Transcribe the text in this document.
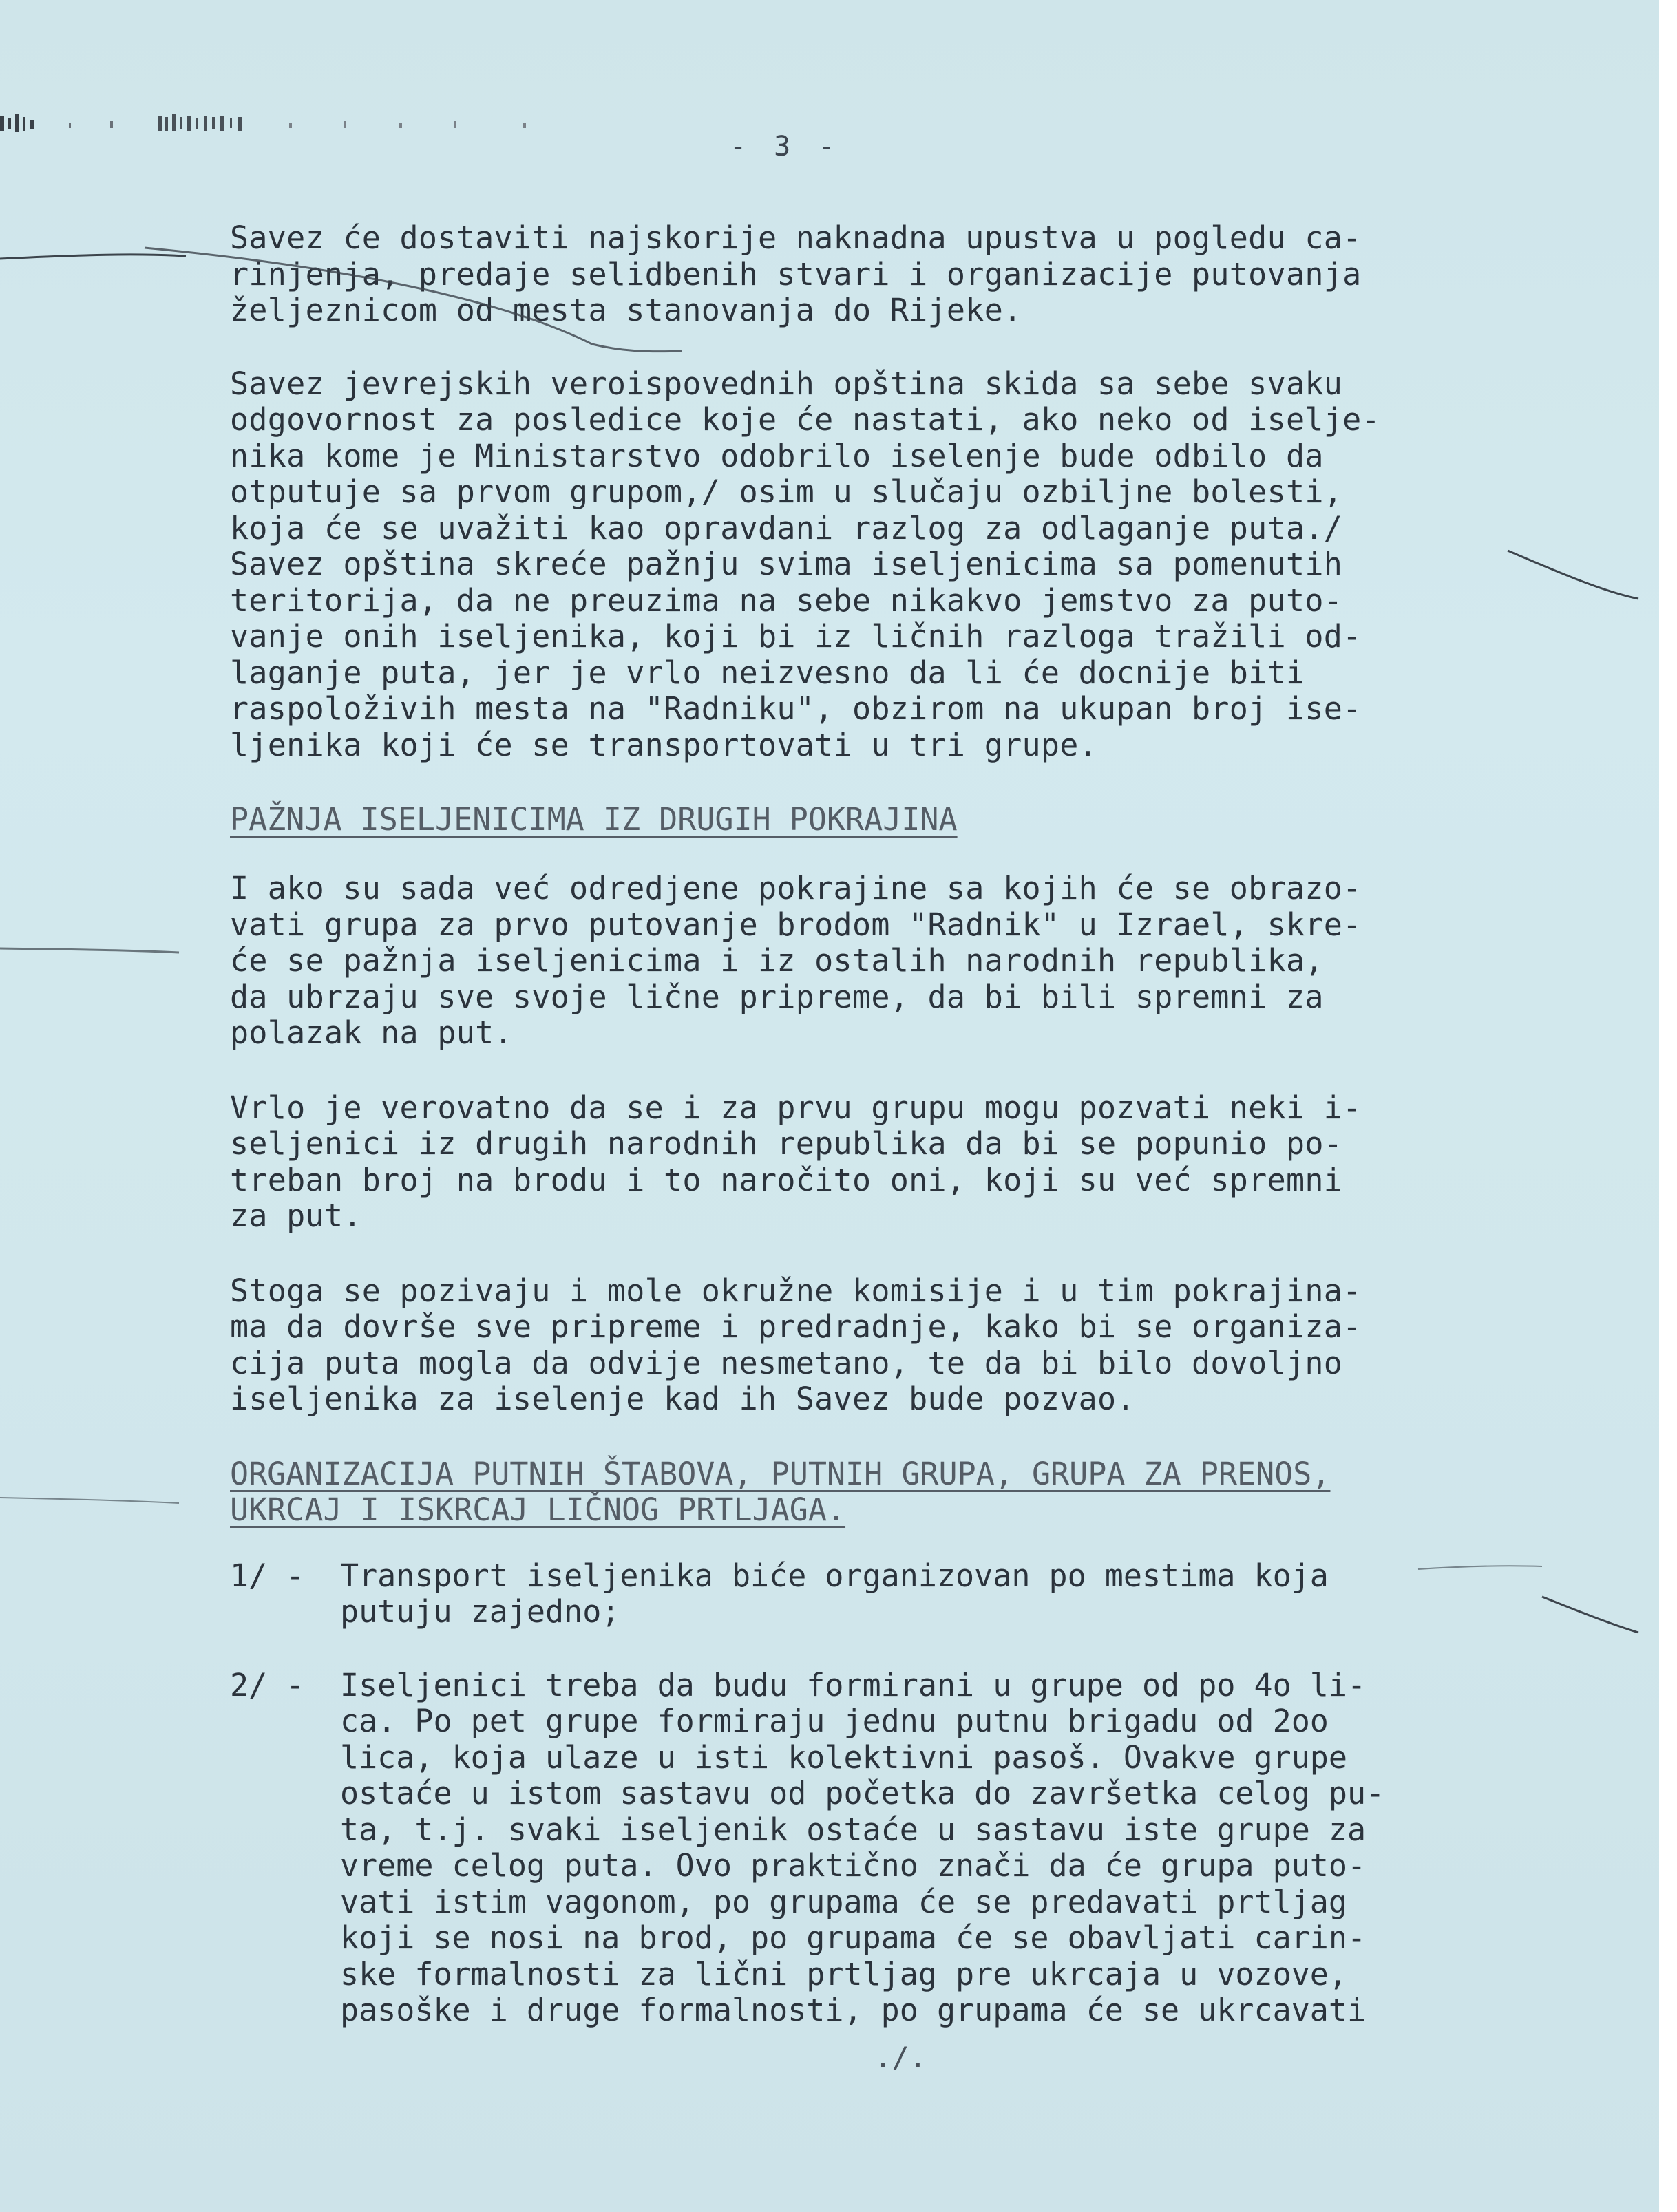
- 3 -

Savez će dostaviti najskorije naknadna upustva u pogledu ca-
rinjenja, predaje selidbenih stvari i organizacije putovanja
željeznicom od mesta stanovanja do Rijeke.

Savez jevrejskih veroispovednih opština skida sa sebe svaku
odgovornost za posledice koje će nastati, ako neko od iselje-
nika kome je Ministarstvo odobrilo iselenje bude odbilo da
otputuje sa prvom grupom,/ osim u slučaju ozbiljne bolesti,
koja će se uvažiti kao opravdani razlog za odlaganje puta./
Savez opština skreće pažnju svima iseljenicima sa pomenutih
teritorija, da ne preuzima na sebe nikakvo jemstvo za puto-
vanje onih iseljenika, koji bi iz ličnih razloga tražili od-
laganje puta, jer je vrlo neizvesno da li će docnije biti
raspoloživih mesta na "Radniku", obzirom na ukupan broj ise-
ljenika koji će se transportovati u tri grupe.

PAŽNJA ISELJENICIMA IZ DRUGIH POKRAJINA

I ako su sada već odredjene pokrajine sa kojih će se obrazo-
vati grupa za prvo putovanje brodom "Radnik" u Izrael, skre-
će se pažnja iseljenicima i iz ostalih narodnih republika,
da ubrzaju sve svoje lične pripreme, da bi bili spremni za
polazak na put.

Vrlo je verovatno da se i za prvu grupu mogu pozvati neki i-
seljenici iz drugih narodnih republika da bi se popunio po-
treban broj na brodu i to naročito oni, koji su već spremni
za put.

Stoga se pozivaju i mole okružne komisije i u tim pokrajina-
ma da dovrše sve pripreme i predradnje, kako bi se organiza-
cija puta mogla da odvije nesmetano, te da bi bilo dovoljno
iseljenika za iselenje kad ih Savez bude pozvao.

ORGANIZACIJA PUTNIH ŠTABOVA, PUTNIH GRUPA, GRUPA ZA PRENOS,
UKRCAJ I ISKRCAJ LIČNOG PRTLJAGA.

1/ -	Transport iseljenika biće organizovan po mestima koja
putuju zajedno;
2/ -	Iseljenici treba da budu formirani u grupe od po 4o li-
ca. Po pet grupe formiraju jednu putnu brigadu od 2oo
lica, koja ulaze u isti kolektivni pasoš. Ovakve grupe
ostaće u istom sastavu od početka do završetka celog pu-
ta, t.j. svaki iseljenik ostaće u sastavu iste grupe za
vreme celog puta. Ovo praktično znači da će grupa puto-
vati istim vagonom, po grupama će se predavati prtljag
koji se nosi na brod, po grupama će se obavljati carin-
ske formalnosti za lični prtljag pre ukrcaja u vozove,
pasoške i druge formalnosti, po grupama će se ukrcavati
./.
